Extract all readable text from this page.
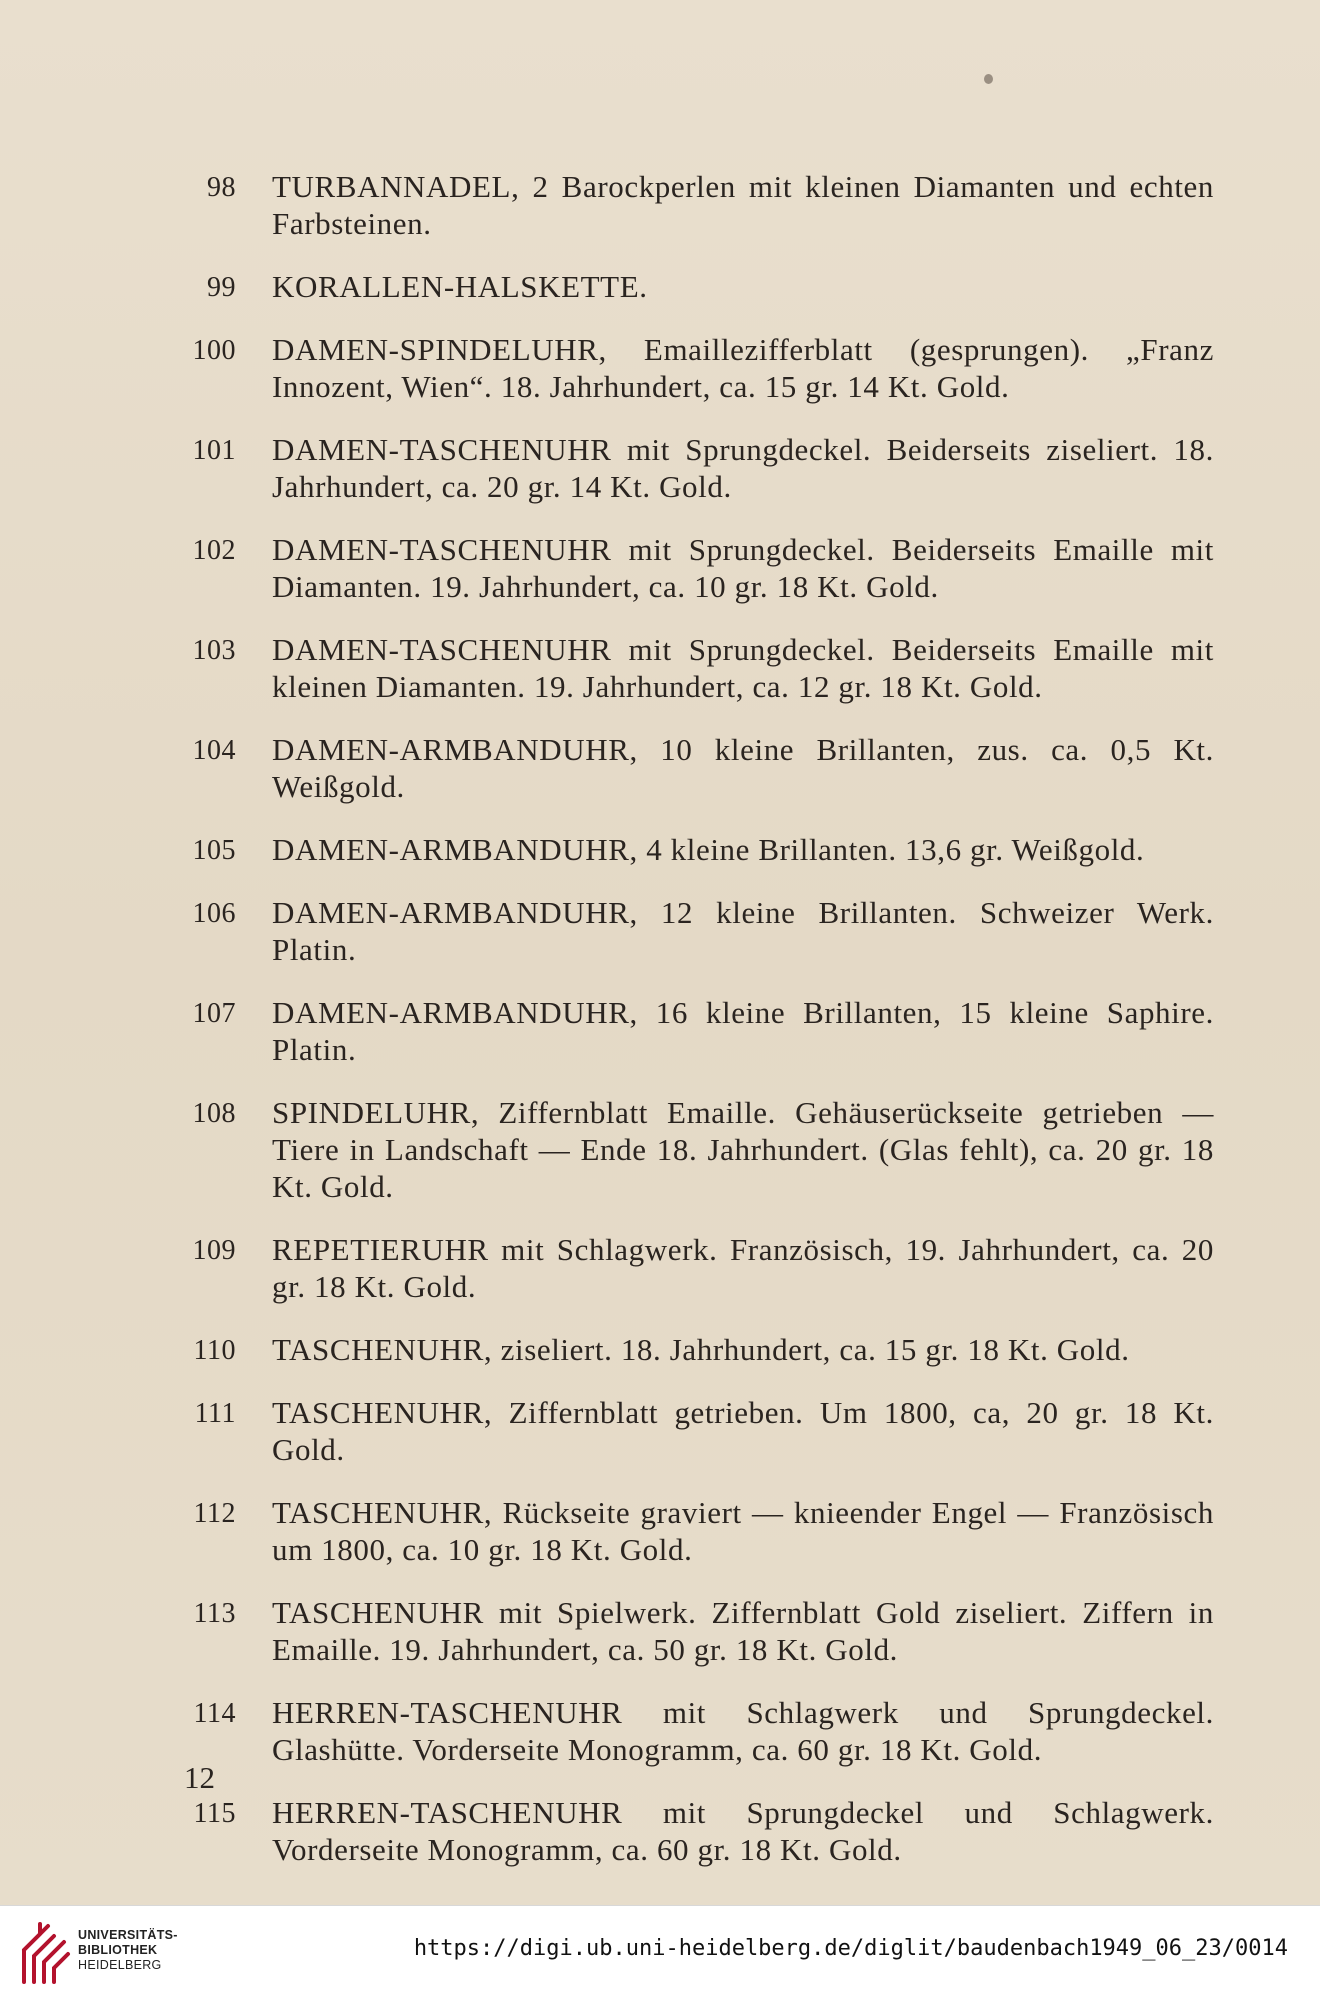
98 TURBANNADEL, 2 Barockperlen mit kleinen Diamanten und echten Farbsteinen.
99 KORALLEN-HALSKETTE.
100 DAMEN-SPINDELUHR, Emaillezifferblatt (gesprungen). „Franz Innozent, Wien“. 18. Jahrhundert, ca. 15 gr. 14 Kt. Gold.
101 DAMEN-TASCHENUHR mit Sprungdeckel. Beiderseits ziseliert. 18. Jahrhundert, ca. 20 gr. 14 Kt. Gold.
102 DAMEN-TASCHENUHR mit Sprungdeckel. Beiderseits Emaille mit Diamanten. 19. Jahrhundert, ca. 10 gr. 18 Kt. Gold.
103 DAMEN-TASCHENUHR mit Sprungdeckel. Beiderseits Emaille mit kleinen Diamanten. 19. Jahrhundert, ca. 12 gr. 18 Kt. Gold.
104 DAMEN-ARMBANDUHR, 10 kleine Brillanten, zus. ca. 0,5 Kt. Weißgold.
105 DAMEN-ARMBANDUHR, 4 kleine Brillanten. 13,6 gr. Weißgold.
106 DAMEN-ARMBANDUHR, 12 kleine Brillanten. Schweizer Werk. Platin.
107 DAMEN-ARMBANDUHR, 16 kleine Brillanten, 15 kleine Saphire. Platin.
108 SPINDELUHR, Ziffernblatt Emaille. Gehäuserückseite getrieben — Tiere in Landschaft — Ende 18. Jahrhundert. (Glas fehlt), ca. 20 gr. 18 Kt. Gold.
109 REPETIERUHR mit Schlagwerk. Französisch, 19. Jahrhundert, ca. 20 gr. 18 Kt. Gold.
110 TASCHENUHR, ziseliert. 18. Jahrhundert, ca. 15 gr. 18 Kt. Gold.
111 TASCHENUHR, Ziffernblatt getrieben. Um 1800, ca, 20 gr. 18 Kt. Gold.
112 TASCHENUHR, Rückseite graviert — knieender Engel — Französisch um 1800, ca. 10 gr. 18 Kt. Gold.
113 TASCHENUHR mit Spielwerk. Ziffernblatt Gold ziseliert. Ziffern in Emaille. 19. Jahrhundert, ca. 50 gr. 18 Kt. Gold.
114 HERREN-TASCHENUHR mit Schlagwerk und Sprungdeckel. Glashütte. Vorderseite Monogramm, ca. 60 gr. 18 Kt. Gold.
115 HERREN-TASCHENUHR mit Sprungdeckel und Schlagwerk. Vorderseite Monogramm, ca. 60 gr. 18 Kt. Gold.
12
UNIVERSITÄTS-
BIBLIOTHEK
HEIDELBERG
https://digi.ub.uni-heidelberg.de/diglit/baudenbach1949_06_23/0014
